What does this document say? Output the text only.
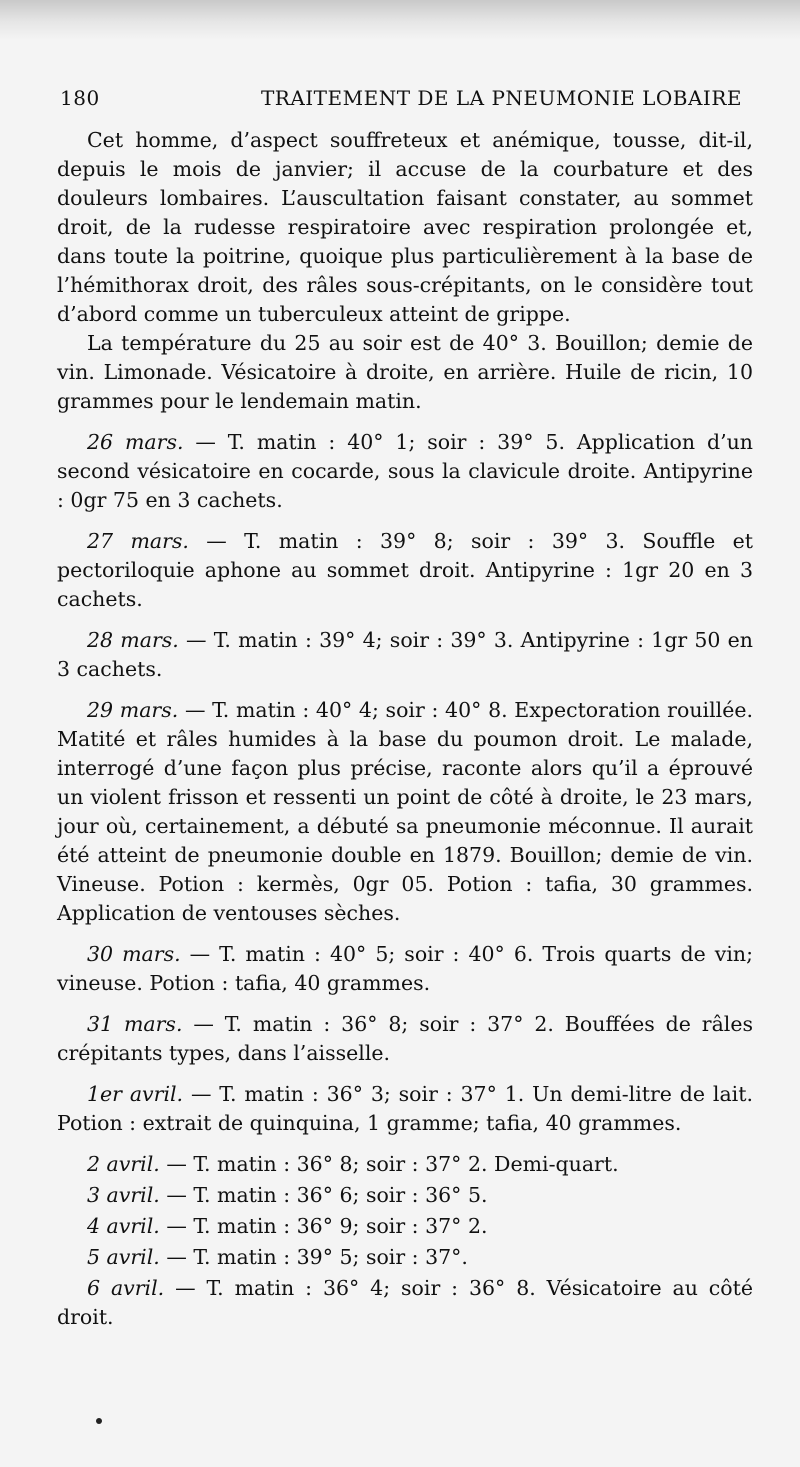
180	TRAITEMENT DE LA PNEUMONIE LOBAIRE

Cet homme, d’aspect souffreteux et anémique, tousse, dit-il, depuis le mois de janvier; il accuse de la courbature et des douleurs lombaires. L’auscultation faisant constater, au sommet droit, de la rudesse respiratoire avec respiration prolongée et, dans toute la poitrine, quoique plus particulièrement à la base de l’hémithorax droit, des râles sous-crépitants, on le considère tout d’abord comme un tuberculeux atteint de grippe.

La température du 25 au soir est de 40° 3. Bouillon; demie de vin. Limonade. Vésicatoire à droite, en arrière. Huile de ricin, 10 grammes pour le lendemain matin.

26 mars. — T. matin : 40° 1; soir : 39° 5. Application d’un second vésicatoire en cocarde, sous la clavicule droite. Antipyrine : 0gr 75 en 3 cachets.

27 mars. — T. matin : 39° 8; soir : 39° 3. Souffle et pectoriloquie aphone au sommet droit. Antipyrine : 1gr 20 en 3 cachets.

28 mars. — T. matin : 39° 4; soir : 39° 3. Antipyrine : 1gr 50 en 3 cachets.

29 mars. — T. matin : 40° 4; soir : 40° 8. Expectoration rouillée. Matité et râles humides à la base du poumon droit. Le malade, interrogé d’une façon plus précise, raconte alors qu’il a éprouvé un violent frisson et ressenti un point de côté à droite, le 23 mars, jour où, certainement, a débuté sa pneumonie méconnue. Il aurait été atteint de pneumonie double en 1879. Bouillon; demie de vin. Vineuse. Potion : kermès, 0gr 05. Potion : tafia, 30 grammes. Application de ventouses sèches.

30 mars. — T. matin : 40° 5; soir : 40° 6. Trois quarts de vin; vineuse. Potion : tafia, 40 grammes.

31 mars. — T. matin : 36° 8; soir : 37° 2. Bouffées de râles crépitants types, dans l’aisselle.

1er avril. — T. matin : 36° 3; soir : 37° 1. Un demi-litre de lait. Potion : extrait de quinquina, 1 gramme; tafia, 40 grammes.

2 avril. — T. matin : 36° 8; soir : 37° 2. Demi-quart.

3 avril. — T. matin : 36° 6; soir : 36° 5.

4 avril. — T. matin : 36° 9; soir : 37° 2.

5 avril. — T. matin : 39° 5; soir : 37°.

6 avril. — T. matin : 36° 4; soir : 36° 8. Vésicatoire au côté droit.
